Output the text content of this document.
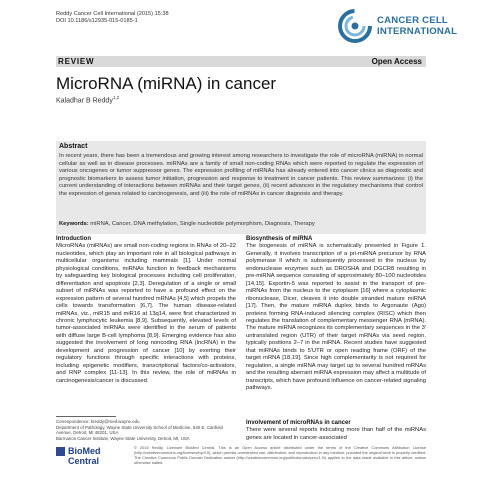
Reddy Cancer Cell International (2015) 15:38
DOI 10.1186/s12935-015-0185-1	CANCER CELL
INTERNATIONAL
REVIEW	Open Access
MicroRNA (miRNA) in cancer
Kaladhar B Reddy$^{1,2}$
Abstract
In recent years, there has been a tremendous and growing interest among researchers to investigate the role of microRNA (miRNA) in normal cellular as well as in disease processes. miRNAs are a family of small non-coding RNAs which were reported to regulate the expression of various oncogenes or tumor suppressor genes. The expression profiling of miRNAs has already entered into cancer clinics as diagnostic and prognostic biomarkers to assess tumor initiation, progression and response to treatment in cancer patients. This review summarizes: (i) the current understanding of interactions between miRNAs and their target genes, (ii) recent advances in the regulatory mechanisms that control the expression of genes related to carcinogenesis, and (iii) the role of miRNAs in cancer diagnosis and therapy.
Keywords: miRNA, Cancer, DNA methylation, Single nucleotide polymorphism, Diagnosis, Therapy
Introduction

MicroRNAs (miRNAs) are small non-coding regions in RNAs of 20–22 nucleotides, which play an important role in all biological pathways in multicellular organisms including mammals [1]. Under normal physiological conditions, miRNAs function in feedback mechanisms by safeguarding key biological processes including cell proliferation, differentiation and apoptosis [2,3]. Deregulation of a single or small subset of miRNAs was reported to have a profound effect on the expression pattern of several hundred mRNAs [4,5] which propels the cells towards transformation [6,7]. The human disease-related miRNAs, viz., miR15 and miR16 at 13q14, were first characterized in chronic lymphocytic leukemia [8,9]. Subsequently, elevated levels of tumor-associated miRNAs were identified in the serum of patients with diffuse large B-cell lymphoma [8,9]. Emerging evidence has also suggested the involvement of long noncoding RNA (lncRNA) in the development and progression of cancer [10] by exerting their regulatory functions through specific interactions with proteins, including epigenetic modifiers, transcriptional factors/co-activators, and RNP complex [11-13]. In this review, the role of miRNAs in carcinogenesis/cancer is discussed.

Biosynthesis of miRNA

The biogenesis of miRNA is schematically presented in Figure 1. Generally, it involves transcription of a pri-miRNA precursor by RNA polymerase II which is subsequently processed in the nucleus by endonuclease enzymes such as DROSHA and DGCR8 resulting in pre-miRNA sequence consisting of approximately 80–100 nucleotides [14,15]. Exportin-5 was reported to assist in the transport of pre-miRNAs from the nucleus to the cytoplasm [16] where a cytoplasmic ribonuclease, Dicer, cleaves it into double stranded mature miRNA [17]. Then, the mature miRNA duplex binds to Argonaute (Ago) proteins forming RNA-induced silencing complex (RISC) which then regulates the translation of complementary messenger RNA (mRNA). The mature miRNA recognizes its complementary sequences in the 3' untranslated region (UTR) of their target mRNAs via seed region, typically positions 2–7 in the miRNA. Recent studies have suggested that miRNAs binds to 5'UTR or open reading frame (ORF) of the target mRNA [18,19]. Since high complementarity is not required for regulation, a single miRNA may target up to several hundred mRNAs and the resulting aberrant miRNA expression may affect a multitude of transcripts, which have profound influence on cancer-related signaling pathways.

Involvement of microRNAs in cancer

There were several reports indicating more than half of the miRNAs genes are located in cancer-associated

Correspondence: kreddy@med.wayne.edu
Department of Pathology, Wayne State University School of Medicine, 540 E. Canfield Avenue, Detroit, MI 48201, USA
Barmanos Cancer Institute, Wayne State University, Detroit, MI, USA
BioMed Central
© 2015 Reddy. Licensee BioMed Central. This is an Open Access article distributed under the terms of the Creative Commons Attribution License (http://creativecommons.org/licenses/by/4.0), which permits unrestricted use, distribution, and reproduction in any medium, provided the original work is properly credited. The Creative Commons Public Domain Dedication waiver (http://creativecommons.org/publicdomain/zero/1.0/) applies to the data made available in this article, unless otherwise stated.
